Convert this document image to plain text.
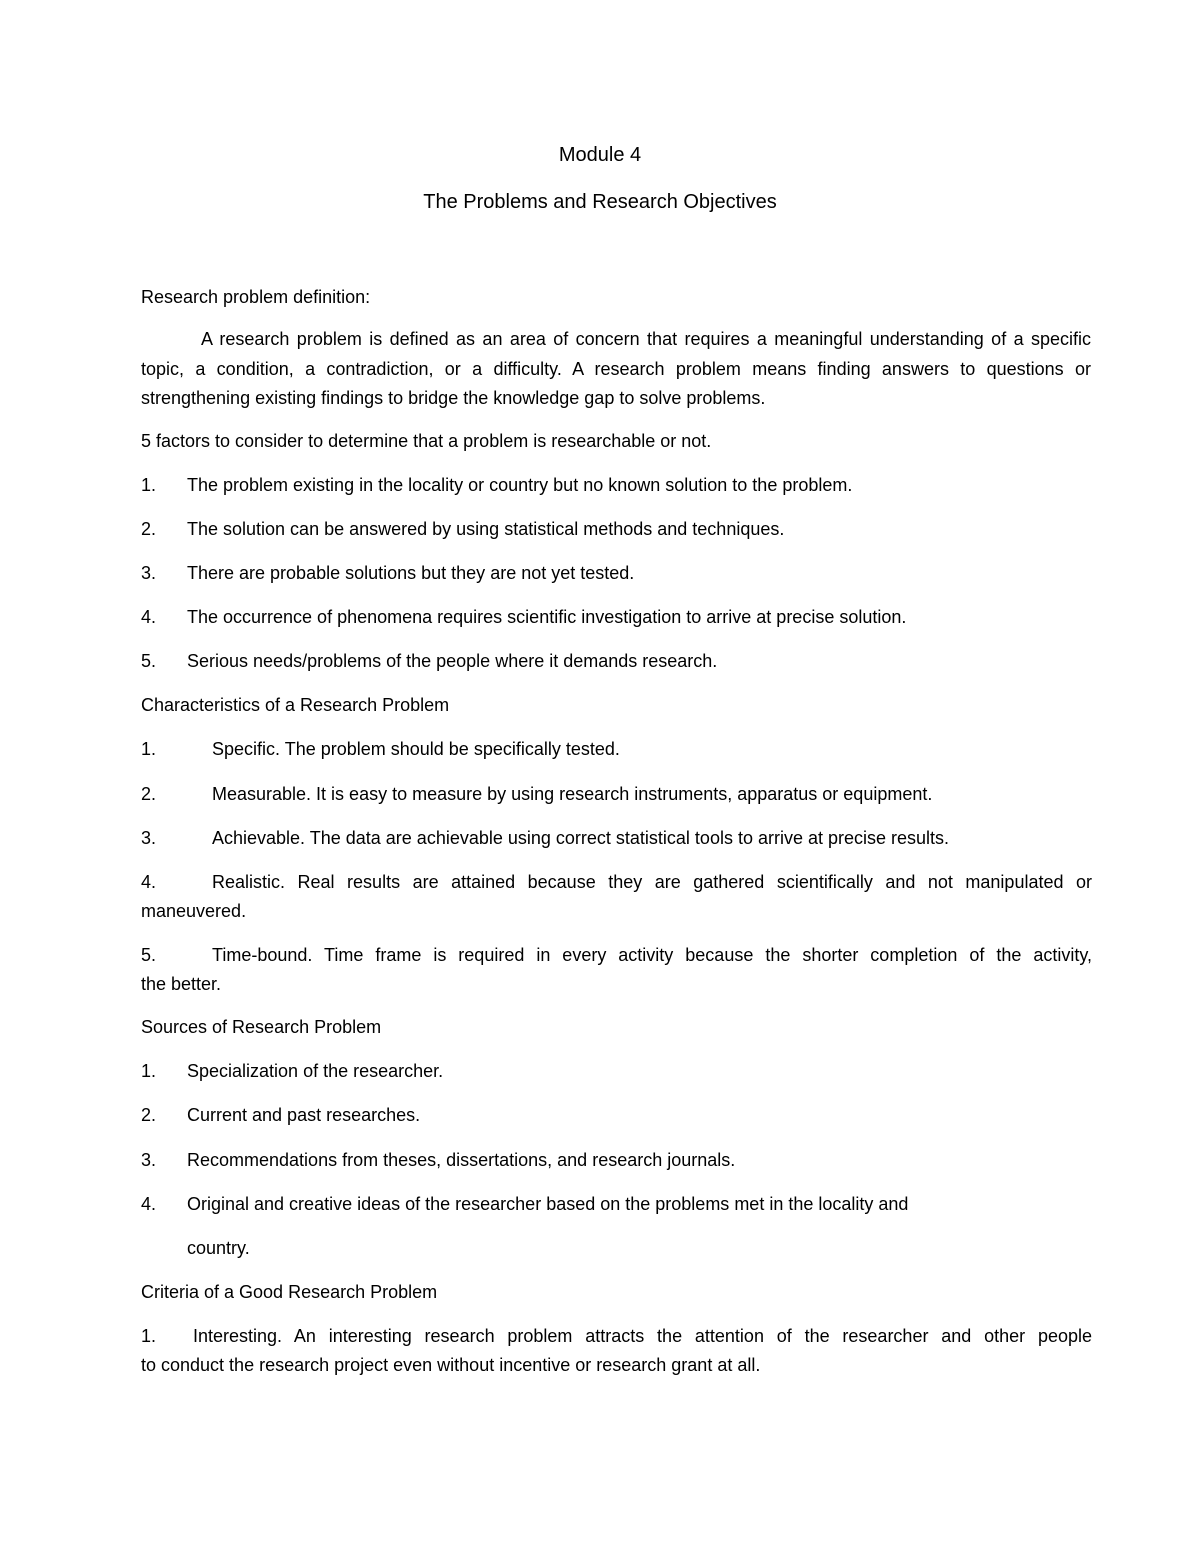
Module 4
The Problems and Research Objectives
Research problem definition:
A research problem is defined as an area of concern that requires a meaningful understanding of a specific topic, a condition, a contradiction, or a difficulty. A research problem means finding answers to questions or strengthening existing findings to bridge the knowledge gap to solve problems.
5 factors to consider to determine that a problem is researchable or not.
1. The problem existing in the locality or country but no known solution to the problem.
2. The solution can be answered by using statistical methods and techniques.
3. There are probable solutions but they are not yet tested.
4. The occurrence of phenomena requires scientific investigation to arrive at precise solution.
5. Serious needs/problems of the people where it demands research.
Characteristics of a Research Problem
1.	Specific. The problem should be specifically tested.
2.	Measurable. It is easy to measure by using research instruments, apparatus or equipment.
3.	Achievable. The data are achievable using correct statistical tools to arrive at precise results.
4.	Realistic. Real results are attained because they are gathered scientifically and not manipulated or
maneuvered.
5.	Time-bound. Time frame is required in every activity because the shorter completion of the activity,
the better.
Sources of Research Problem
1. Specialization of the researcher.
2. Current and past researches.
3. Recommendations from theses, dissertations, and research journals.
4. Original and creative ideas of the researcher based on the problems met in the locality and
country.
Criteria of a Good Research Problem
1. Interesting. An interesting research problem attracts the attention of the researcher and other people
to conduct the research project even without incentive or research grant at all.
